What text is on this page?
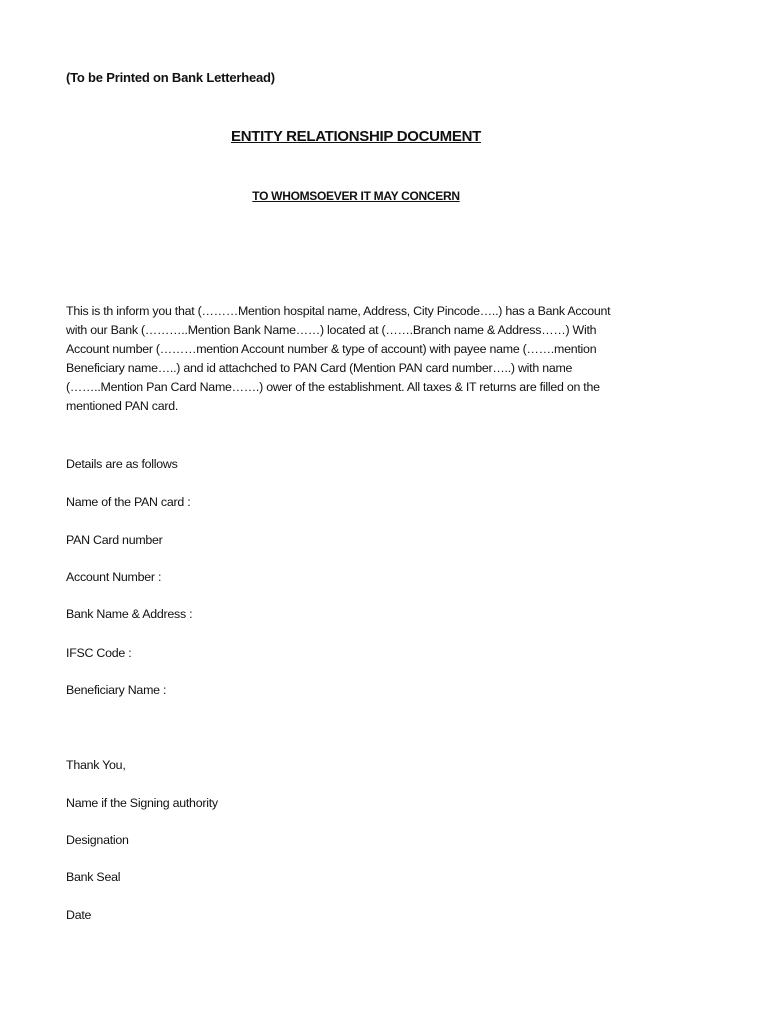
(To be Printed on Bank Letterhead)
ENTITY RELATIONSHIP DOCUMENT
TO WHOMSOEVER IT MAY CONCERN
This is th inform you that (………Mention hospital name, Address, City Pincode…..) has a Bank Account
with our Bank (………..Mention Bank Name……) located at (…….Branch name & Address……) With
Account number (………mention Account number & type of account) with payee name (…….mention
Beneficiary name…..) and id attachched to PAN Card (Mention PAN card number…..) with name
(……..Mention Pan Card Name…….) ower of the establishment. All taxes & IT returns are filled on the
mentioned PAN card.
Details are as follows
Name of the PAN card :
PAN Card number
Account Number :
Bank Name & Address :
IFSC Code :
Beneficiary Name :
Thank You,
Name if the Signing authority
Designation
Bank Seal
Date
